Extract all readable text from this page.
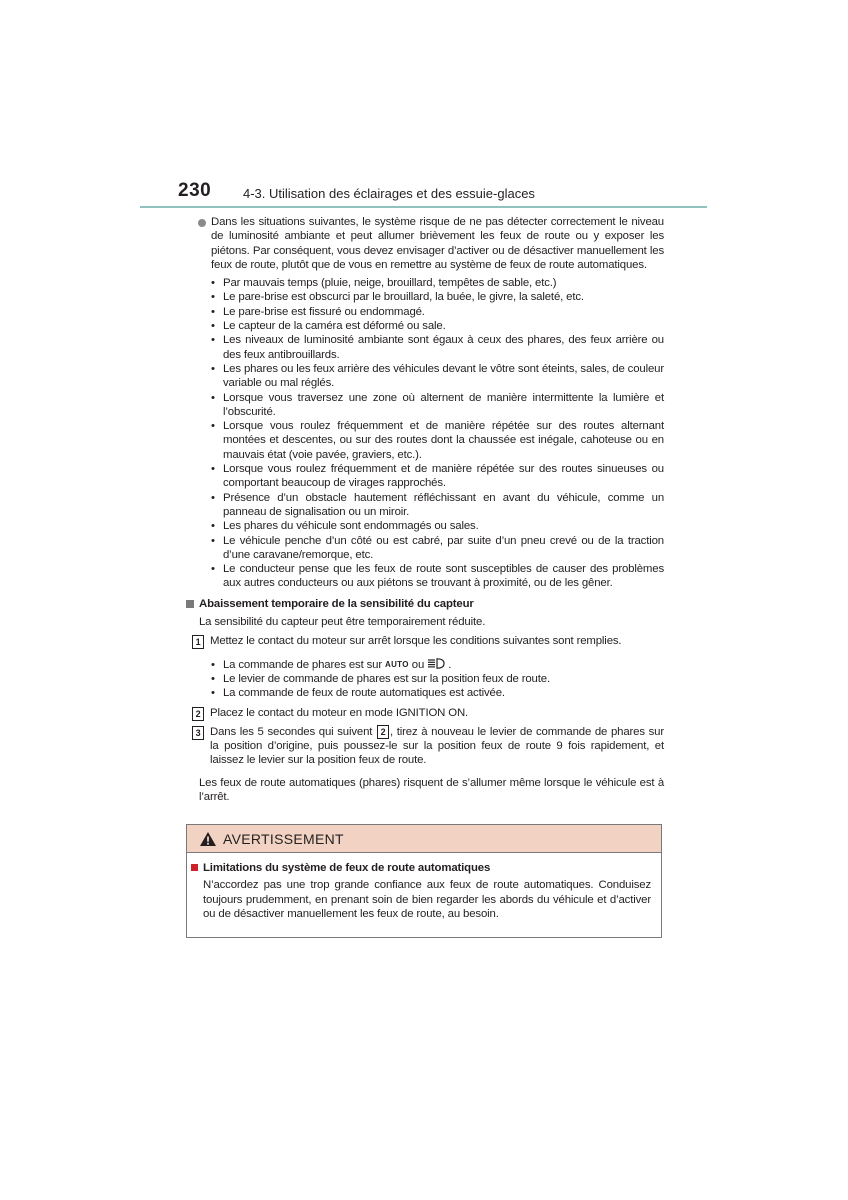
230 4-3. Utilisation des éclairages et des essuie-glaces
Dans les situations suivantes, le système risque de ne pas détecter correctement le niveau de luminosité ambiante et peut allumer brièvement les feux de route ou y exposer les piétons. Par conséquent, vous devez envisager d’activer ou de désactiver manuellement les feux de route, plutôt que de vous en remettre au système de feux de route automatiques.
• Par mauvais temps (pluie, neige, brouillard, tempêtes de sable, etc.)
• Le pare-brise est obscurci par le brouillard, la buée, le givre, la saleté, etc.
• Le pare-brise est fissuré ou endommagé.
• Le capteur de la caméra est déformé ou sale.
• Les niveaux de luminosité ambiante sont égaux à ceux des phares, des feux arrière ou des feux antibrouillards.
• Les phares ou les feux arrière des véhicules devant le vôtre sont éteints, sales, de couleur variable ou mal réglés.
• Lorsque vous traversez une zone où alternent de manière intermittente la lumière et l’obscurité.
• Lorsque vous roulez fréquemment et de manière répétée sur des routes alternant montées et descentes, ou sur des routes dont la chaussée est inégale, cahoteuse ou en mauvais état (voie pavée, graviers, etc.).
• Lorsque vous roulez fréquemment et de manière répétée sur des routes sinueuses ou comportant beaucoup de virages rapprochés.
• Présence d’un obstacle hautement réfléchissant en avant du véhicule, comme un panneau de signalisation ou un miroir.
• Les phares du véhicule sont endommagés ou sales.
• Le véhicule penche d’un côté ou est cabré, par suite d’un pneu crevé ou de la traction d’une caravane/remorque, etc.
• Le conducteur pense que les feux de route sont susceptibles de causer des problèmes aux autres conducteurs ou aux piétons se trouvant à proximité, ou de les gêner.
Abaissement temporaire de la sensibilité du capteur
La sensibilité du capteur peut être temporairement réduite.
1 Mettez le contact du moteur sur arrêt lorsque les conditions suivantes sont remplies.
• La commande de phares est sur AUTO ou .
• Le levier de commande de phares est sur la position feux de route.
• La commande de feux de route automatiques est activée.
2 Placez le contact du moteur en mode IGNITION ON.
3 Dans les 5 secondes qui suivent 2 , tirez à nouveau le levier de commande de phares sur la position d’origine, puis poussez-le sur la position feux de route 9 fois rapidement, et laissez le levier sur la position feux de route.
Les feux de route automatiques (phares) risquent de s’allumer même lorsque le véhicule est à l’arrêt.
AVERTISSEMENT
Limitations du système de feux de route automatiques
N’accordez pas une trop grande confiance aux feux de route automatiques. Conduisez toujours prudemment, en prenant soin de bien regarder les abords du véhicule et d’activer ou de désactiver manuellement les feux de route, au besoin.
